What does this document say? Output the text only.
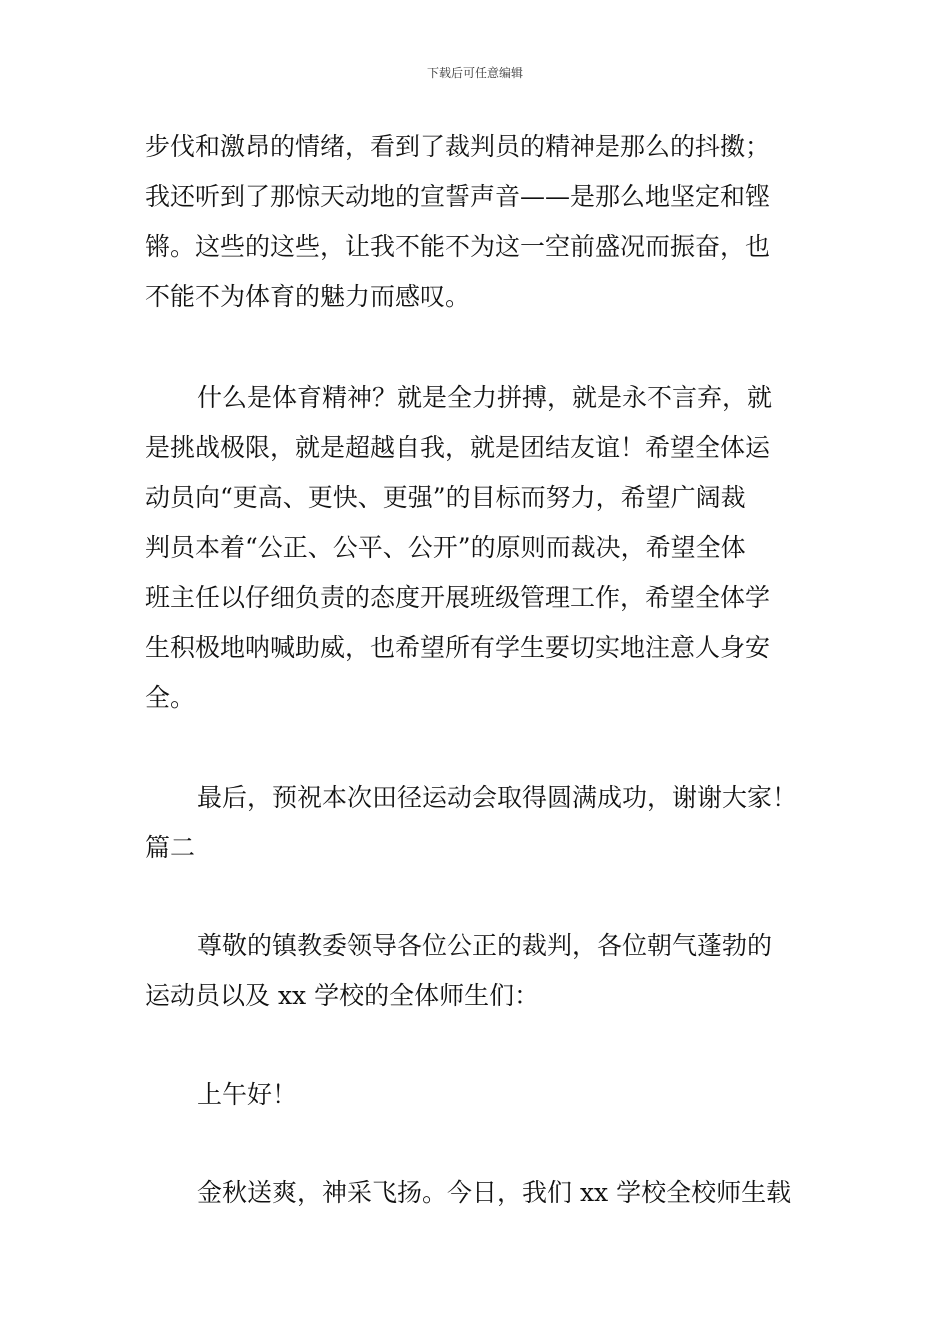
下载后可任意编辑
步伐和激昂的情绪，看到了裁判员的精神是那么的抖擞；
我还听到了那惊天动地的宣誓声音——是那么地坚定和铿
锵。这些的这些，让我不能不为这一空前盛况而振奋，也
不能不为体育的魅力而感叹。
什么是体育精神？就是全力拼搏，就是永不言弃，就
是挑战极限，就是超越自我，就是团结友谊！希望全体运
动员向“更高、更快、更强”的目标而努力，希望广阔裁
判员本着“公正、公平、公开”的原则而裁决，希望全体
班主任以仔细负责的态度开展班级管理工作，希望全体学
生积极地呐喊助威，也希望所有学生要切实地注意人身安
全。
最后，预祝本次田径运动会取得圆满成功，谢谢大家！
篇二
尊敬的镇教委领导各位公正的裁判，各位朝气蓬勃的
运动员以及 xx 学校的全体师生们：
上午好！
金秋送爽，神采飞扬。今日，我们 xx 学校全校师生载
